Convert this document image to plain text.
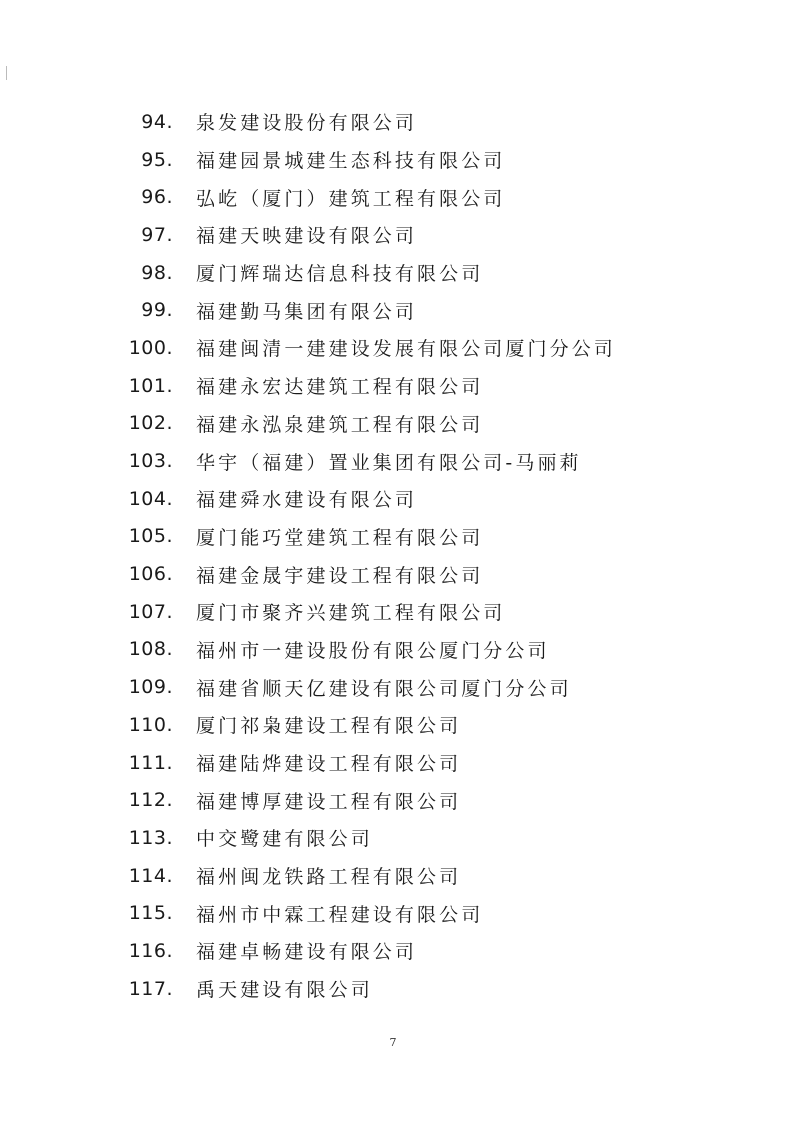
94. 泉发建设股份有限公司
95. 福建园景城建生态科技有限公司
96. 弘屹（厦门）建筑工程有限公司
97. 福建天映建设有限公司
98. 厦门辉瑞达信息科技有限公司
99. 福建勤马集团有限公司
100. 福建闽清一建建设发展有限公司厦门分公司
101. 福建永宏达建筑工程有限公司
102. 福建永泓泉建筑工程有限公司
103. 华宇（福建）置业集团有限公司-马丽莉
104. 福建舜水建设有限公司
105. 厦门能巧堂建筑工程有限公司
106. 福建金晟宇建设工程有限公司
107. 厦门市聚齐兴建筑工程有限公司
108. 福州市一建设股份有限公厦门分公司
109. 福建省顺天亿建设有限公司厦门分公司
110. 厦门祁枭建设工程有限公司
111. 福建陆烨建设工程有限公司
112. 福建博厚建设工程有限公司
113. 中交鹭建有限公司
114. 福州闽龙铁路工程有限公司
115. 福州市中霖工程建设有限公司
116. 福建卓畅建设有限公司
117. 禹天建设有限公司
7
